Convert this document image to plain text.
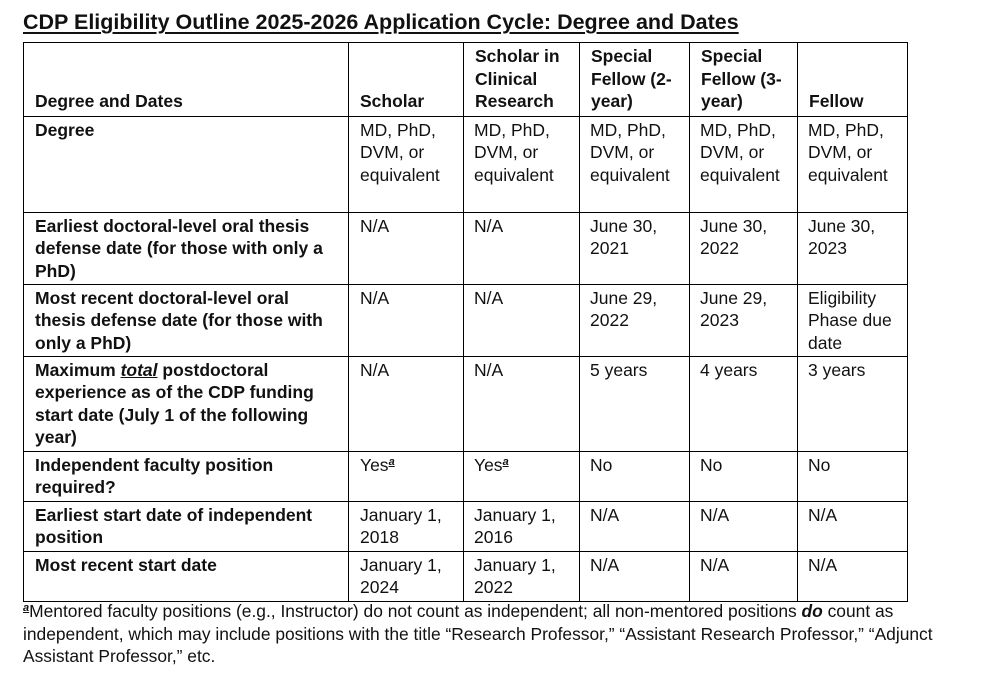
CDP Eligibility Outline 2025-2026 Application Cycle: Degree and Dates
Degree and Dates	Scholar	Scholar in Clinical Research	Special Fellow (2-year)	Special Fellow (3-year)	Fellow
Degree	MD, PhD, DVM, or equivalent	MD, PhD, DVM, or equivalent	MD, PhD, DVM, or equivalent	MD, PhD, DVM, or equivalent	MD, PhD, DVM, or equivalent
Earliest doctoral-level oral thesis defense date (for those with only a PhD)	N/A	N/A	June 30, 2021	June 30, 2022	June 30, 2023
Most recent doctoral-level oral thesis defense date (for those with only a PhD)	N/A	N/A	June 29, 2022	June 29, 2023	Eligibility Phase due date
Maximum total postdoctoral experience as of the CDP funding start date (July 1 of the following year)	N/A	N/A	5 years	4 years	3 years
Independent faculty position required?	Yes$^a$	Yes$^a$	No	No	No
Earliest start date of independent position	January 1, 2018	January 1, 2016	N/A	N/A	N/A
Most recent start date	January 1, 2024	January 1, 2022	N/A	N/A	N/A
$^a$Mentored faculty positions (e.g., Instructor) do not count as independent; all non-mentored positions do count as independent, which may include positions with the title “Research Professor,” “Assistant Research Professor,” “Adjunct Assistant Professor,” etc.
